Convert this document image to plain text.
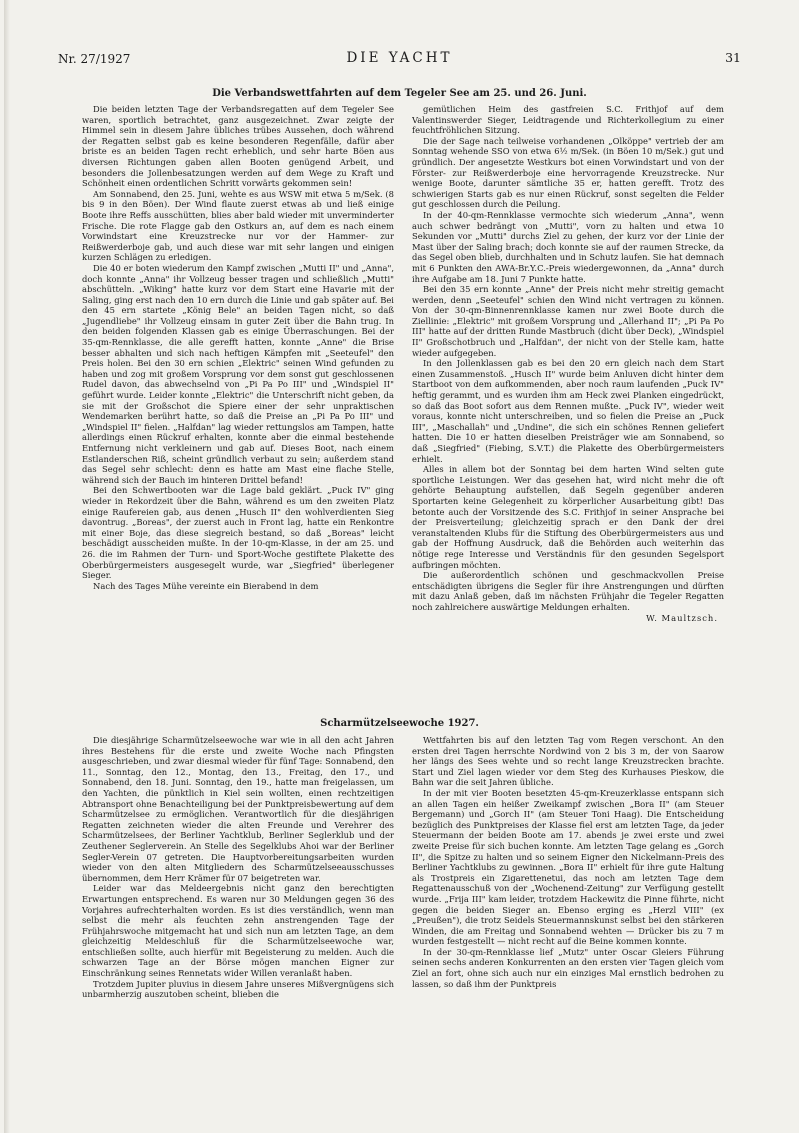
Nr. 27/1927	DIE YACHT	31
Die Verbandswettfahrten auf dem Tegeler See am 25. und 26. Juni.

Die beiden letzten Tage der Verbandsregatten auf dem Tegeler See waren, sportlich betrachtet, ganz ausgezeichnet. Zwar zeigte der Himmel sein in diesem Jahre übliches trübes Aussehen, doch während der Regatten selbst gab es keine besonderen Regenfälle, dafür aber briste es an beiden Tagen recht erheblich, und sehr harte Böen aus diversen Richtungen gaben allen Booten genügend Arbeit, und besonders die Jollenbesatzungen werden auf dem Wege zu Kraft und Schönheit einen ordentlichen Schritt vorwärts gekommen sein!

Am Sonnabend, den 25. Juni, wehte es aus WSW mit etwa 5 m/Sek. (8 bis 9 in den Böen). Der Wind flaute zuerst etwas ab und ließ einige Boote ihre Reffs ausschütten, blies aber bald wieder mit unverminderter Frische. Die rote Flagge gab den Ostkurs an, auf dem es nach einem Vorwindstart eine Kreuzstrecke nur vor der Hammer- zur Reißwerderboje gab, und auch diese war mit sehr langen und einigen kurzen Schlägen zu erledigen.

Die 40 er boten wiederum den Kampf zwischen „Mutti II" und „Anna", doch konnte „Anna" ihr Vollzeug besser tragen und schließlich „Mutti" abschütteln. „Wiking" hatte kurz vor dem Start eine Havarie mit der Saling, ging erst nach den 10 ern durch die Linie und gab später auf. Bei den 45 ern startete „König Bele" an beiden Tagen nicht, so daß „Jugendliebe" ihr Vollzeug einsam in guter Zeit über die Bahn trug. In den beiden folgenden Klassen gab es einige Überraschungen. Bei der 35-qm-Rennklasse, die alle gerefft hatten, konnte „Anne" die Brise besser abhalten und sich nach heftigen Kämpfen mit „Seeteufel" den Preis holen. Bei den 30 ern schien „Elektric" seinen Wind gefunden zu haben und zog mit großem Vorsprung vor dem sonst gut geschlossenen Rudel davon, das abwechselnd von „Pi Pa Po III" und „Windspiel II" geführt wurde. Leider konnte „Elektric" die Unterschrift nicht geben, da sie mit der Großschot die Spiere einer der sehr unpraktischen Wendemarken berührt hatte, so daß die Preise an „Pi Pa Po III" und „Windspiel II" fielen. „Halfdan" lag wieder rettungslos am Tampen, hatte allerdings einen Rückruf erhalten, konnte aber die einmal bestehende Entfernung nicht verkleinern und gab auf. Dieses Boot, nach einem Estlanderschen Riß, scheint gründlich verbaut zu sein; außerdem stand das Segel sehr schlecht: denn es hatte am Mast eine flache Stelle, während sich der Bauch im hinteren Drittel befand!

Bei den Schwertbooten war die Lage bald geklärt. „Puck IV" ging wieder in Rekordzeit über die Bahn, während es um den zweiten Platz einige Raufereien gab, aus denen „Husch II" den wohlverdienten Sieg davontrug. „Boreas", der zuerst auch in Front lag, hatte ein Renkontre mit einer Boje, das diese siegreich bestand, so daß „Boreas" leicht beschädigt ausscheiden mußte. In der 10-qm-Klasse, in der am 25. und 26. die im Rahmen der Turn- und Sport-Woche gestiftete Plakette des Oberbürgermeisters ausgesegelt wurde, war „Siegfried" überlegener Sieger.

Nach des Tages Mühe vereinte ein Bierabend in dem

gemütlichen Heim des gastfreien S.C. Frithjof auf dem Valentinswerder Sieger, Leidtragende und Richterkollegium zu einer feuchtfröhlichen Sitzung.

Die der Sage nach teilweise vorhandenen „Olköppe" vertrieb der am Sonntag wehende SSO von etwa 6½ m/Sek. (in Böen 10 m/Sek.) gut und gründlich. Der angesetzte Westkurs bot einen Vorwindstart und von der Förster- zur Reißwerderboje eine hervorragende Kreuzstrecke. Nur wenige Boote, darunter sämtliche 35 er, hatten gerefft. Trotz des schwierigen Starts gab es nur einen Rückruf, sonst segelten die Felder gut geschlossen durch die Peilung.

In der 40-qm-Rennklasse vermochte sich wiederum „Anna", wenn auch schwer bedrängt von „Mutti", vorn zu halten und etwa 10 Sekunden vor „Mutti" durchs Ziel zu gehen, der kurz vor der Linie der Mast über der Saling brach; doch konnte sie auf der raumen Strecke, da das Segel oben blieb, durchhalten und in Schutz laufen. Sie hat demnach mit 6 Punkten den AWA-Br.Y.C.-Preis wiedergewonnen, da „Anna" durch ihre Aufgabe am 18. Juni 7 Punkte hatte.

Bei den 35 ern konnte „Anne" der Preis nicht mehr streitig gemacht werden, denn „Seeteufel" schien den Wind nicht vertragen zu können. Von der 30-qm-Binnenrennklasse kamen nur zwei Boote durch die Ziellinie: „Elektric" mit großem Vorsprung und „Allerhand II"; „Pi Pa Po III" hatte auf der dritten Runde Mastbruch (dicht über Deck), „Windspiel II" Großschotbruch und „Halfdan", der nicht von der Stelle kam, hatte wieder aufgegeben.

In den Jollenklassen gab es bei den 20 ern gleich nach dem Start einen Zusammenstoß. „Husch II" wurde beim Anluven dicht hinter dem Startboot von dem aufkommenden, aber noch raum laufenden „Puck IV" heftig gerammt, und es wurden ihm am Heck zwei Planken eingedrückt, so daß das Boot sofort aus dem Rennen mußte. „Puck IV", wieder weit voraus, konnte nicht unterschreiben, und so fielen die Preise an „Puck III", „Maschallah" und „Undine", die sich ein schönes Rennen geliefert hatten. Die 10 er hatten dieselben Preisträger wie am Sonnabend, so daß „Siegfried" (Fiebing, S.V.T.) die Plakette des Oberbürgermeisters erhielt.

Alles in allem bot der Sonntag bei dem harten Wind selten gute sportliche Leistungen. Wer das gesehen hat, wird nicht mehr die oft gehörte Behauptung aufstellen, daß Segeln gegenüber anderen Sportarten keine Gelegenheit zu körperlicher Ausarbeitung gibt! Das betonte auch der Vorsitzende des S.C. Frithjof in seiner Ansprache bei der Preisverteilung; gleichzeitig sprach er den Dank der drei veranstaltenden Klubs für die Stiftung des Oberbürgermeisters aus und gab der Hoffnung Ausdruck, daß die Behörden auch weiterhin das nötige rege Interesse und Verständnis für den gesunden Segelsport aufbringen möchten.

Die außerordentlich schönen und geschmackvollen Preise entschädigten übrigens die Segler für ihre Anstrengungen und dürften mit dazu Anlaß geben, daß im nächsten Frühjahr die Tegeler Regatten noch zahlreichere auswärtige Meldungen erhalten.

W. Maultzsch.

Scharmützelseewoche 1927.

Die diesjährige Scharmützelseewoche war wie in all den acht Jahren ihres Bestehens für die erste und zweite Woche nach Pfingsten ausgeschrieben, und zwar diesmal wieder für fünf Tage: Sonnabend, den 11., Sonntag, den 12., Montag, den 13., Freitag, den 17., und Sonnabend, den 18. Juni. Sonntag, den 19., hatte man freigelassen, um den Yachten, die pünktlich in Kiel sein wollten, einen rechtzeitigen Abtransport ohne Benachteiligung bei der Punktpreisbewertung auf dem Scharmützelsee zu ermöglichen. Verantwortlich für die diesjährigen Regatten zeichneten wieder die alten Freunde und Verehrer des Scharmützelsees, der Berliner Yachtklub, Berliner Seglerklub und der Zeuthener Seglerverein. An Stelle des Segelklubs Ahoi war der Berliner Segler-Verein 07 getreten. Die Hauptvorbereitungsarbeiten wurden wieder von den alten Mitgliedern des Scharmützelseeausschusses übernommen, dem Herr Krämer für 07 beigetreten war.

Leider war das Meldeergebnis nicht ganz den berechtigten Erwartungen entsprechend. Es waren nur 30 Meldungen gegen 36 des Vorjahres aufrechterhalten worden. Es ist dies verständlich, wenn man selbst die mehr als feuchten zehn anstrengenden Tage der Frühjahrswoche mitgemacht hat und sich nun am letzten Tage, an dem gleichzeitig Meldeschluß für die Scharmützelseewoche war, entschließen sollte, auch hierfür mit Begeisterung zu melden. Auch die schwarzen Tage an der Börse mögen manchen Eigner zur Einschränkung seines Rennetats wider Willen veranlaßt haben.

Trotzdem Jupiter pluvius in diesem Jahre unseres Mißvergnügens sich unbarmherzig auszutoben scheint, blieben die

Wettfahrten bis auf den letzten Tag vom Regen verschont. An den ersten drei Tagen herrschte Nordwind von 2 bis 3 m, der von Saarow her längs des Sees wehte und so recht lange Kreuzstrecken brachte. Start und Ziel lagen wieder vor dem Steg des Kurhauses Pieskow, die Bahn war die seit Jahren übliche.

In der mit vier Booten besetzten 45-qm-Kreuzerklasse entspann sich an allen Tagen ein heißer Zweikampf zwischen „Bora II" (am Steuer Bergemann) und „Gorch II" (am Steuer Toni Haag). Die Entscheidung bezüglich des Punktpreises der Klasse fiel erst am letzten Tage, da jeder Steuermann der beiden Boote am 17. abends je zwei erste und zwei zweite Preise für sich buchen konnte. Am letzten Tage gelang es „Gorch II", die Spitze zu halten und so seinem Eigner den Nickelmann-Preis des Berliner Yachtklubs zu gewinnen. „Bora II" erhielt für ihre gute Haltung als Trostpreis ein Zigarettenetui, das noch am letzten Tage dem Regattenausschuß von der „Wochenend-Zeitung" zur Verfügung gestellt wurde. „Frija III" kam leider, trotzdem Hackewitz die Pinne führte, nicht gegen die beiden Sieger an. Ebenso erging es „Herzl VIII" (ex „Preußen"), die trotz Seidels Steuermannskunst selbst bei den stärkeren Winden, die am Freitag und Sonnabend wehten — Drücker bis zu 7 m wurden festgestellt — nicht recht auf die Beine kommen konnte.

In der 30-qm-Rennklasse lief „Mutz" unter Oscar Gleiers Führung seinen sechs anderen Konkurrenten an den ersten vier Tagen gleich vom Ziel an fort, ohne sich auch nur ein einziges Mal ernstlich bedrohen zu lassen, so daß ihm der Punktpreis
